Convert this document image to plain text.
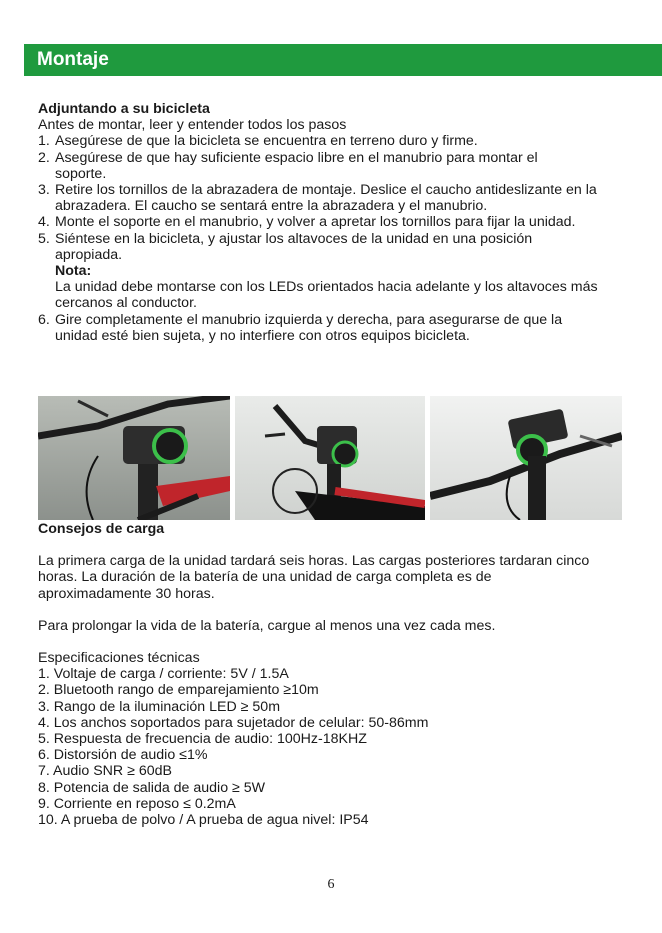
Montaje
Adjuntando a su bicicleta
Antes de montar, leer y entender todos los pasos
1. Asegúrese de que la bicicleta se encuentra en terreno duro y firme.
2. Asegúrese de que hay suficiente espacio libre en el manubrio para montar el soporte.
3. Retire los tornillos de la abrazadera de montaje. Deslice el caucho antideslizante en la abrazadera. El caucho se sentará entre la abrazadera y el manubrio.
4. Monte el soporte en el manubrio, y volver a apretar los tornillos para fijar la unidad.
5. Siéntese en la bicicleta, y ajustar los altavoces de la unidad en una posición apropiada.
Nota:
La unidad debe montarse con los LEDs orientados hacia adelante y los altavoces más cercanos al conductor.
6. Gire completamente el manubrio izquierda y derecha, para asegurarse de que la unidad esté bien sujeta, y no interfiere con otros equipos bicicleta.
Consejos de carga

La primera carga de la unidad tardará seis horas. Las cargas posteriores tardaran cinco horas. La duración de la batería de una unidad de carga completa es de aproximadamente 30 horas.

Para prolongar la vida de la batería, cargue al menos una vez cada mes.

Especificaciones técnicas
1. Voltaje de carga / corriente: 5V / 1.5A
2. Bluetooth rango de emparejamiento ≥10m
3. Rango de la iluminación LED ≥ 50m
4. Los anchos soportados para sujetador de celular: 50-86mm
5. Respuesta de frecuencia de audio: 100Hz-18KHZ
6. Distorsión de audio ≤1%
7. Audio SNR ≥ 60dB
8. Potencia de salida de audio ≥ 5W
9. Corriente en reposo ≤ 0.2mA
10. A prueba de polvo / A prueba de agua nivel: IP54
6
